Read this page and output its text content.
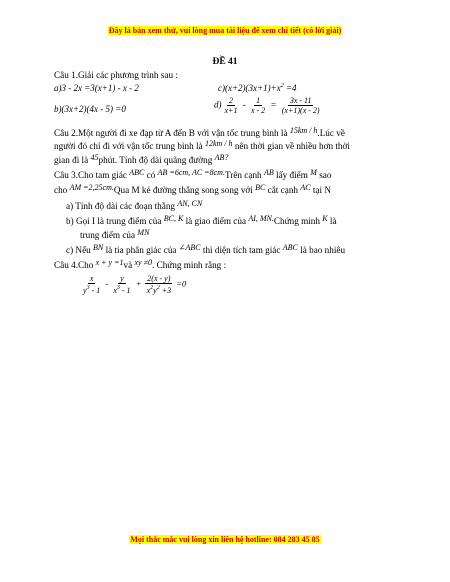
Đây là bản xem thử, vui lòng mua tài liệu để xem chi tiết (có lời giải)
ĐỀ 41
Câu 1.Giải các phương trình sau :
a)3 - 2x =3(x+1) - x - 2	$c)(x+2)(3x+1)+x^2 =4$
b)(3x+2)(4x - 5) =0	$d) \frac{2}{x+1} - \frac{1}{x - 2} = \frac{3x - 11}{(x+1)(x - 2)}$
Câu 2.Một người đi xe đạp từ A đến B với vận tốc trung bình là 15km / h.Lúc về
người đó chỉ đi với vận tốc trung bình là 12km / h nên thời gian về nhiều hơn thời
gian đi là 45phút. Tính độ dài quãng đường AB?
Câu 3.Cho tam giác ABC có AB =6cm, AC =8cm.Trên cạnh AB lấy điểm M sao
cho AM =2,25cm.Qua M kẻ đường thẳng song song với BC cắt cạnh AC tại N
a) Tính độ dài các đoạn thẳng AN, CN
b) Gọi I là trung điểm của BC, K là giao điểm của AI, MN.Chứng minh K là
trung điểm của MN
c) Nếu BN là tia phân giác của ∠ABC thì diện tích tam giác ABC là bao nhiêu
Câu 4.Cho x + y =1và xy ≠0. Chứng minh rằng :
$\frac{x}{y^3 - 1} - \frac{y}{x^3 - 1} + \frac{2(x - y)}{x^2y^2 +3} =0$
Mọi thắc mắc vui lòng xin liên hệ hotline: 084 283 45 85
